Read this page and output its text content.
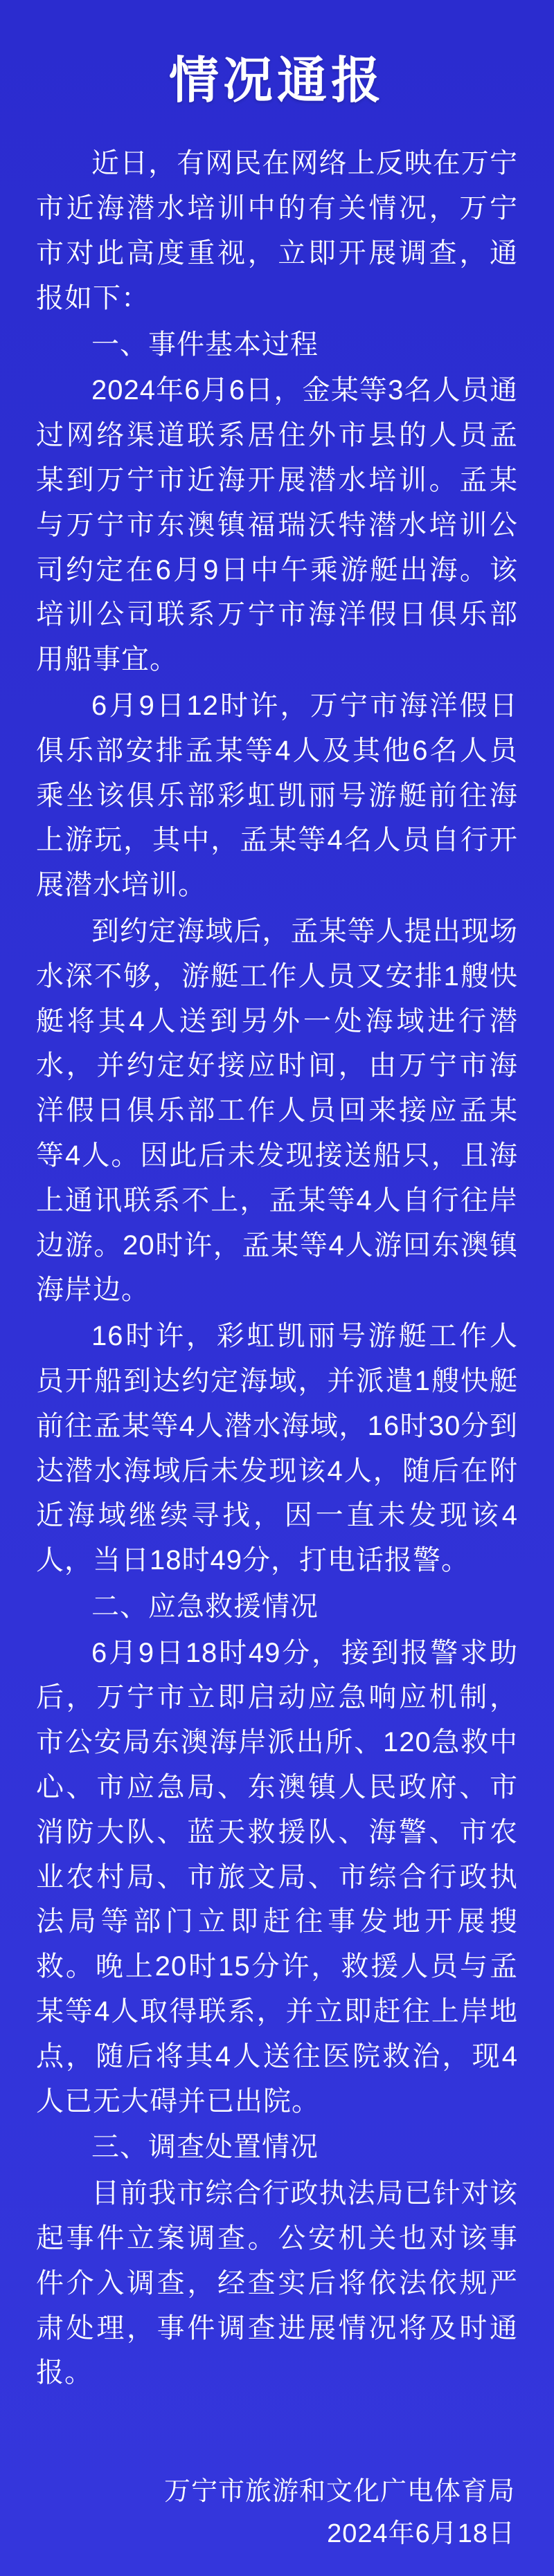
情况通报

近日，有网民在网络上反映在万宁市近海潜水培训中的有关情况，万宁市对此高度重视，立即开展调查，通报如下：

一、事件基本过程

2024年6月6日，金某等3名人员通过网络渠道联系居住外市县的人员孟某到万宁市近海开展潜水培训。孟某与万宁市东澳镇福瑞沃特潜水培训公司约定在6月9日中午乘游艇出海。该培训公司联系万宁市海洋假日俱乐部用船事宜。

6月9日12时许，万宁市海洋假日俱乐部安排孟某等4人及其他6名人员乘坐该俱乐部彩虹凯丽号游艇前往海上游玩，其中，孟某等4名人员自行开展潜水培训。

到约定海域后，孟某等人提出现场水深不够，游艇工作人员又安排1艘快艇将其4人送到另外一处海域进行潜水，并约定好接应时间，由万宁市海洋假日俱乐部工作人员回来接应孟某等4人。因此后未发现接送船只，且海上通讯联系不上，孟某等4人自行往岸边游。20时许，孟某等4人游回东澳镇海岸边。

16时许，彩虹凯丽号游艇工作人员开船到达约定海域，并派遣1艘快艇前往孟某等4人潜水海域，16时30分到达潜水海域后未发现该4人，随后在附近海域继续寻找，因一直未发现该4人，当日18时49分，打电话报警。

二、应急救援情况

6月9日18时49分，接到报警求助后，万宁市立即启动应急响应机制，市公安局东澳海岸派出所、120急救中心、市应急局、东澳镇人民政府、市消防大队、蓝天救援队、海警、市农业农村局、市旅文局、市综合行政执法局等部门立即赶往事发地开展搜救。晚上20时15分许，救援人员与孟某等4人取得联系，并立即赶往上岸地点，随后将其4人送往医院救治，现4人已无大碍并已出院。

三、调查处置情况

目前我市综合行政执法局已针对该起事件立案调查。公安机关也对该事件介入调查，经查实后将依法依规严肃处理，事件调查进展情况将及时通报。

万宁市旅游和文化广电体育局
2024年6月18日
